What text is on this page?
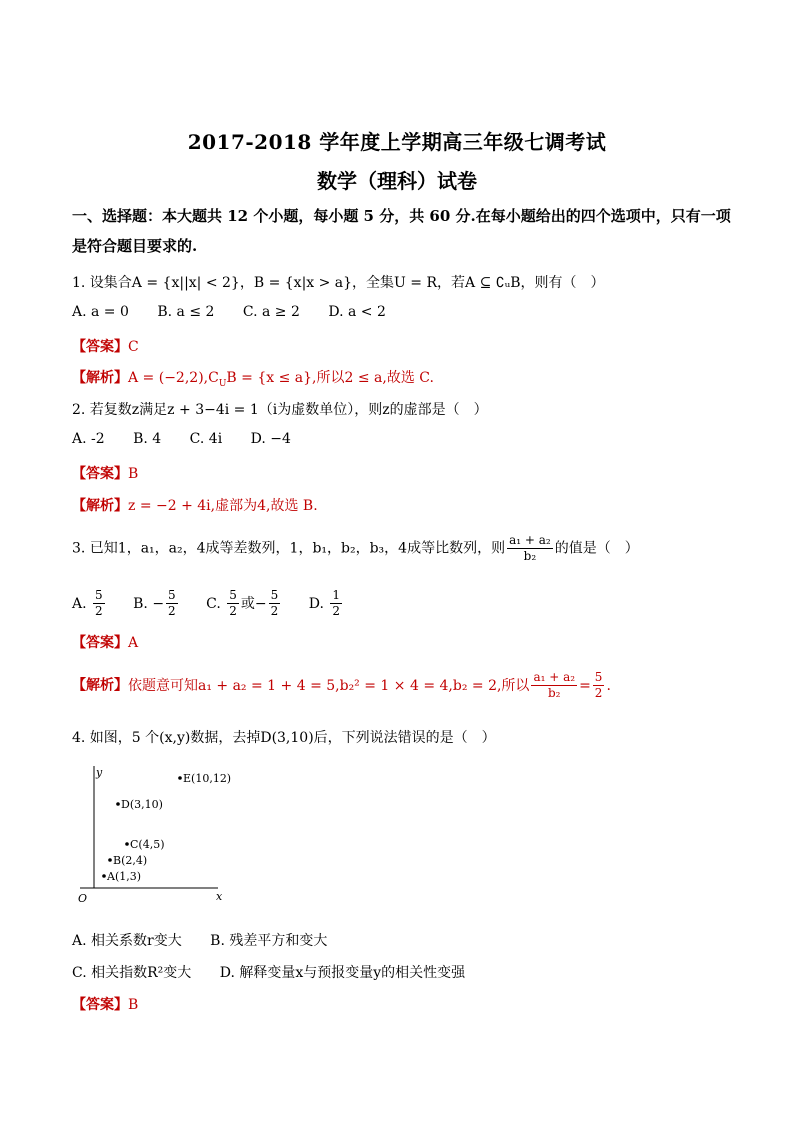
2017-2018 学年度上学期高三年级七调考试
数学（理科）试卷
一、选择题：本大题共 12 个小题，每小题 5 分，共 60 分.在每小题给出的四个选项中，只有一项是符合题目要求的.
1. 设集合A = {x||x| < 2}，B = {x|x > a}，全集U = R，若A ⊆ ∁ᵤB，则有（　）
A. a = 0 B. a ≤ 2 C. a ≥ 2 D. a < 2
【答案】C
【解析】$A = (-2,2),C_UB = \{x \le a\}$,所以2 ≤ a,故选 C.
2. 若复数z满足z + 3−4i = 1（i为虚数单位），则z的虚部是（　）
A. -2 B. 4 C. 4i D. −4
【答案】B
【解析】z = −2 + 4i,虚部为4,故选 B.
3. 已知1，a₁，a₂，4成等差数列，1，b₁，b₂，b₃，4成等比数列，则 $\frac{\text{a₁ + a₂}}{\text{b₂}}$ 的值是（　）
A. $\frac{5}{2} B$. − $\frac{5}{2} C$. $\frac{5}{2}$ 或− $\frac{5}{2} D$. $\frac{1}{2}$
【答案】A
【解析】依题意可知a₁ + a₂ = 1 + 4 = 5,b₂² = 1 × 4 = 4,b₂ = 2,所以 $\frac{\text{a₁ + a₂}}{\text{b₂}} = \frac{5}{2}$ .
4. 如图，5 个(x,y)数据，去掉D(3,10)后，下列说法错误的是（　）
y
x
O
E(10,12)
D(3,10)
C(4,5)
B(2,4)
A(1,3)
A. 相关系数r变大 B. 残差平方和变大
C. 相关指数R²变大 D. 解释变量x与预报变量y的相关性变强
【答案】B
